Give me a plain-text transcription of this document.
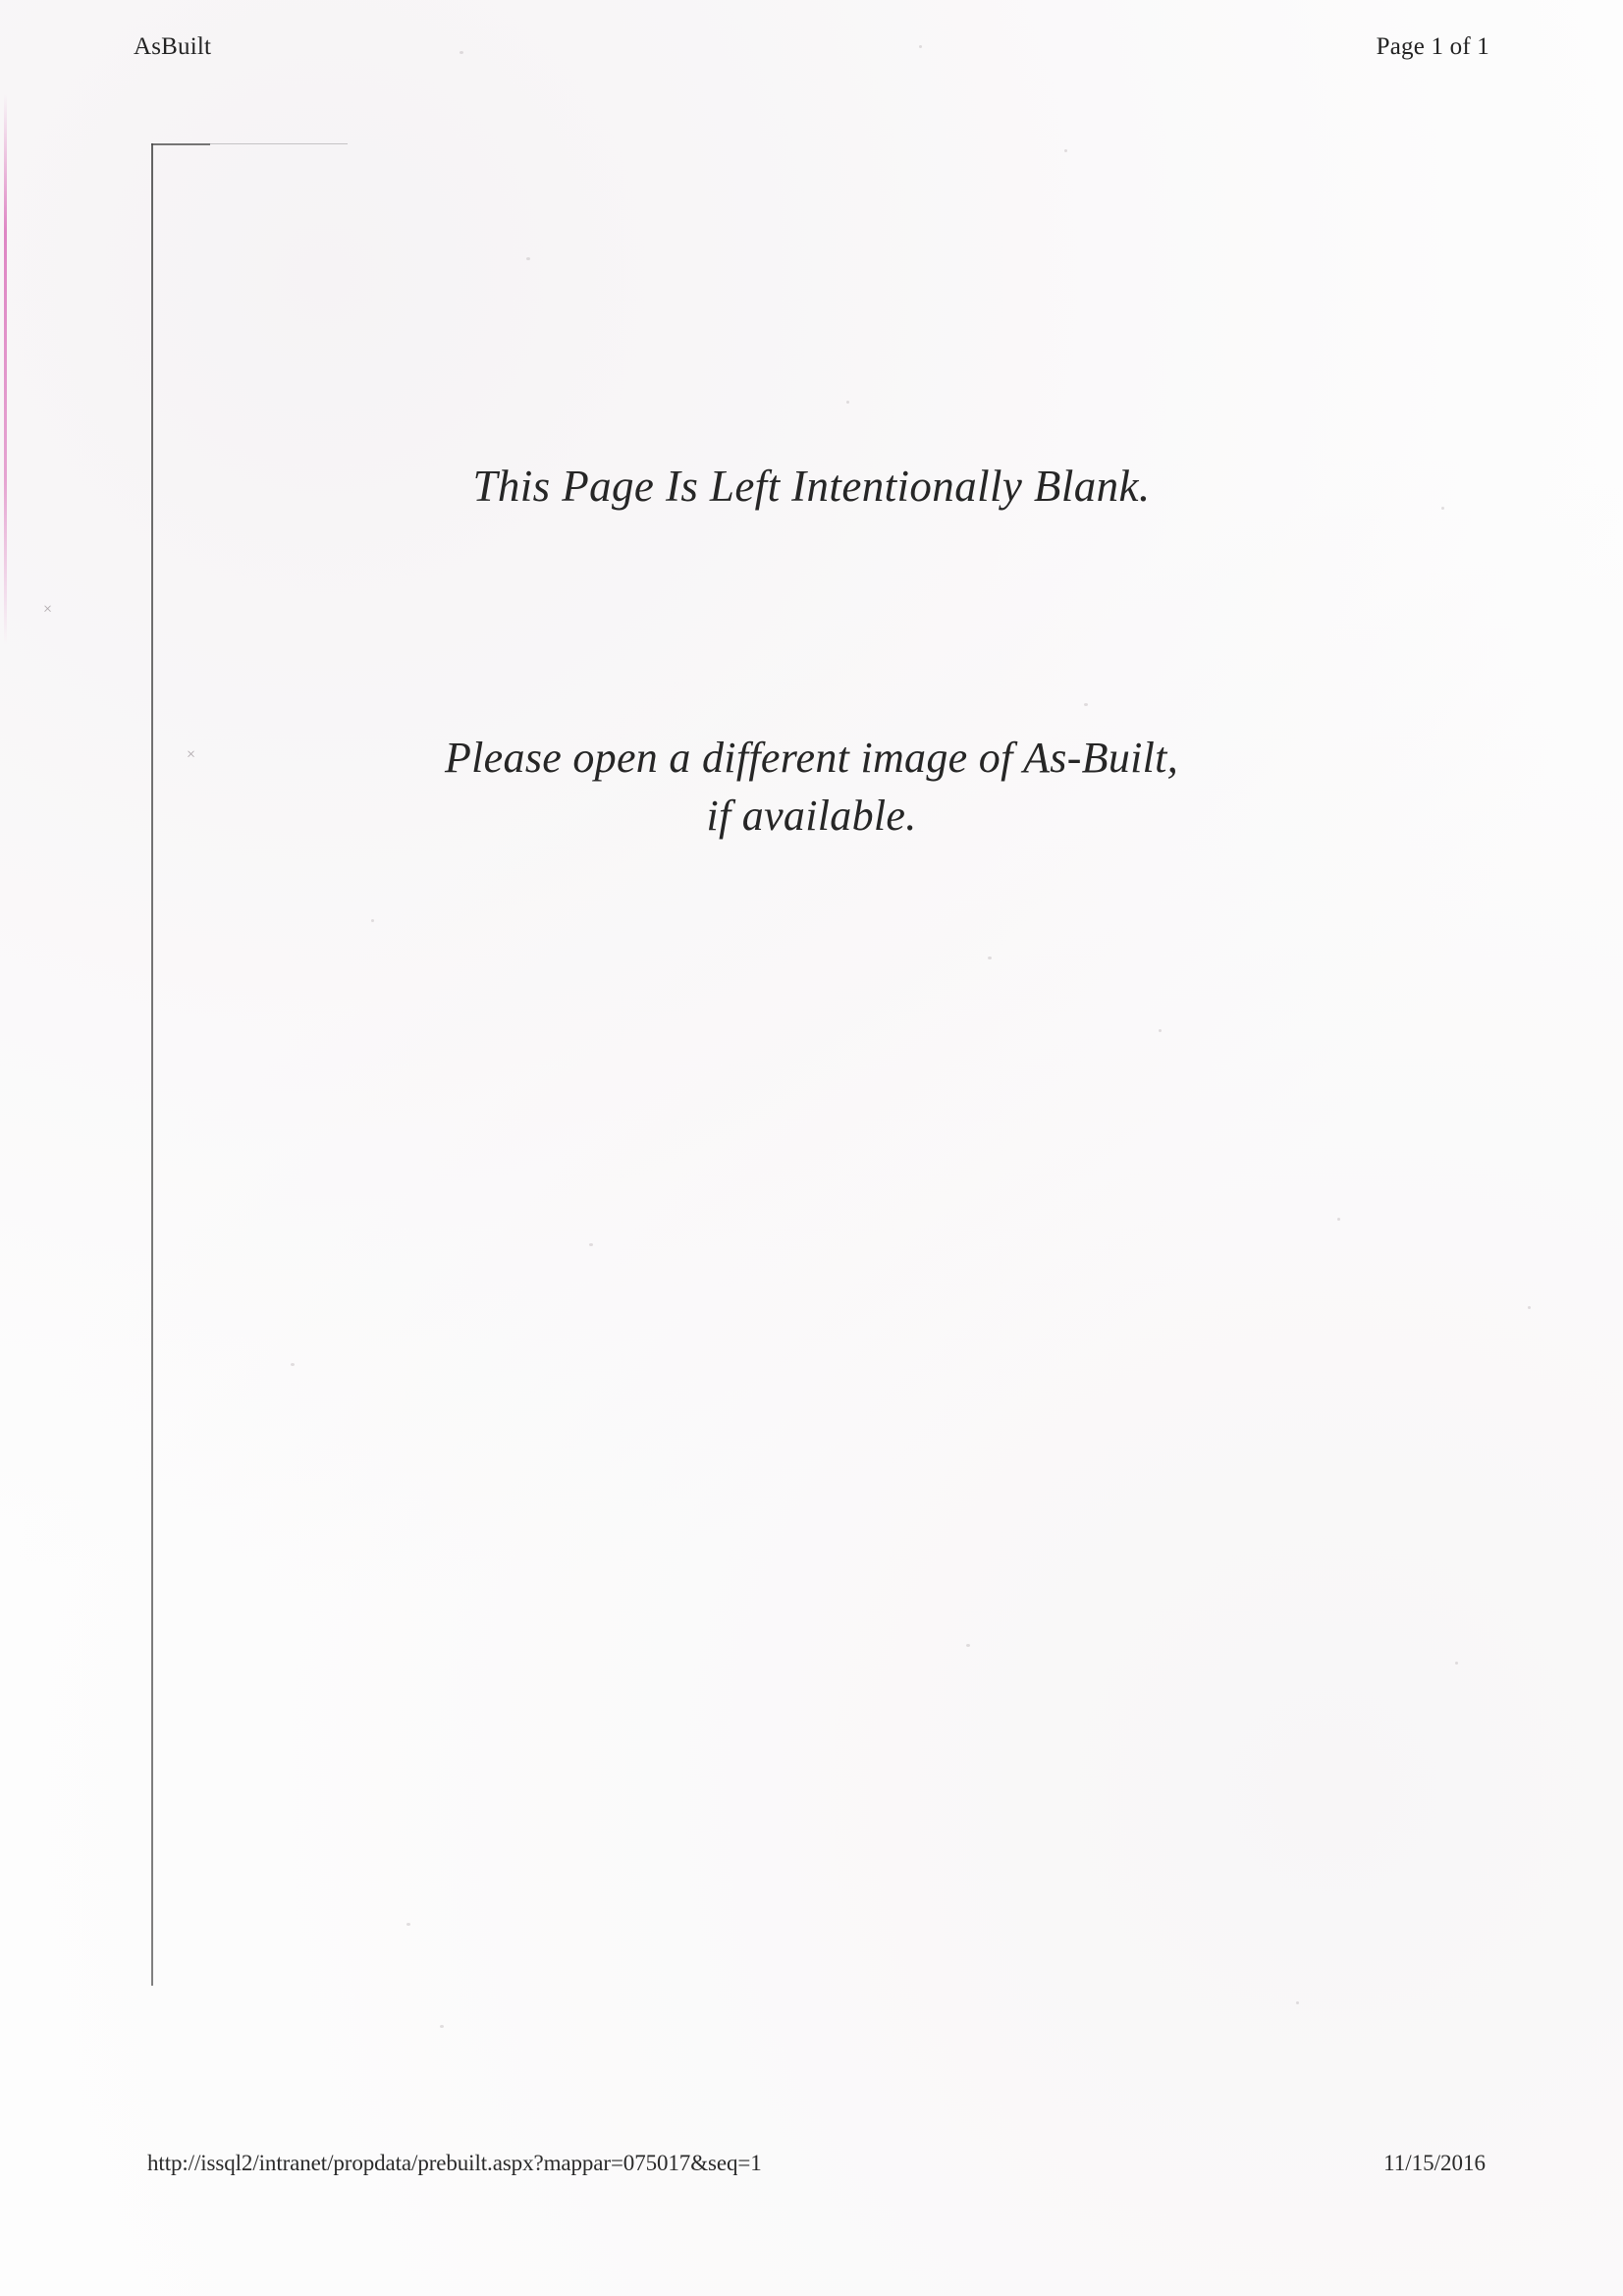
AsBuilt	Page 1 of 1
×
×
This Page Is Left Intentionally Blank.
Please open a different image of As-Built,
if available.
http://issql2/intranet/propdata/prebuilt.aspx?mappar=075017&seq=1	11/15/2016
